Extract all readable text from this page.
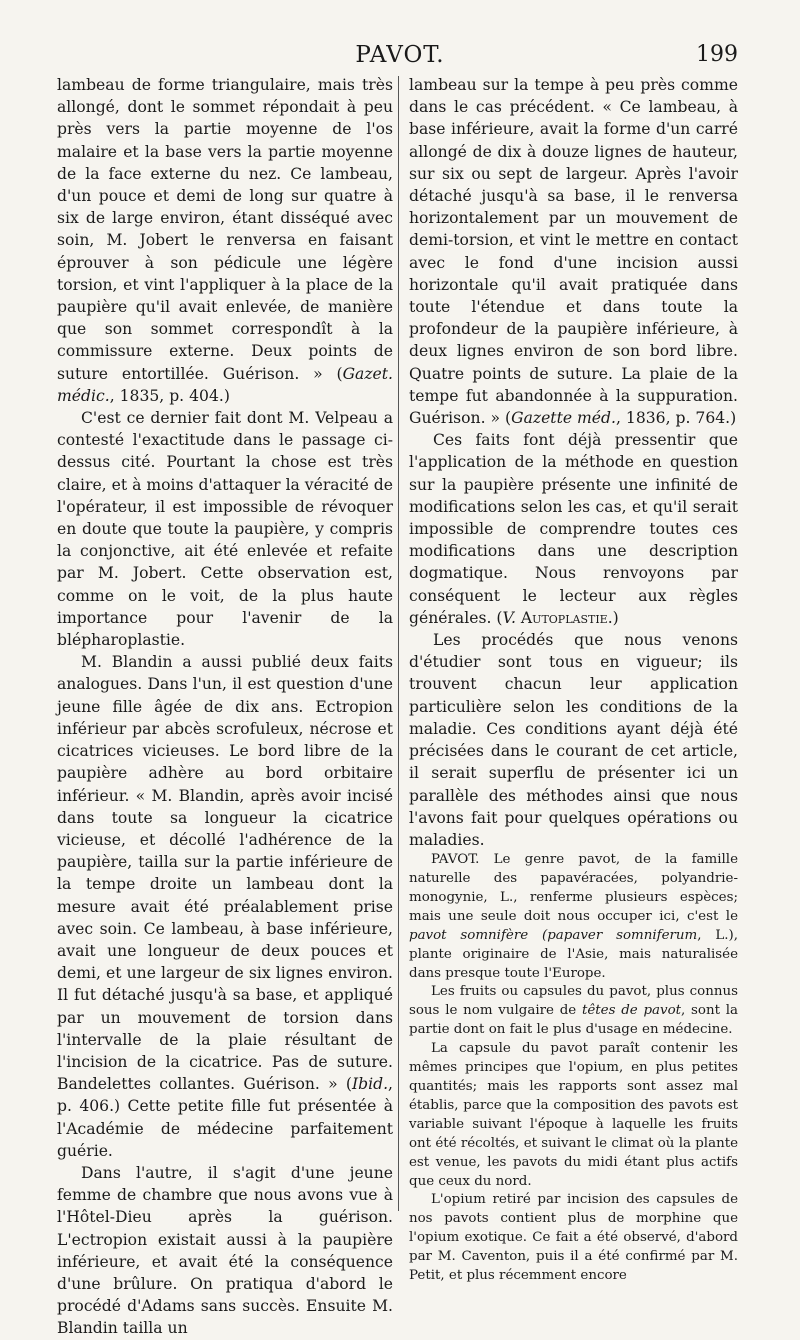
PAVOT.	199

lambeau de forme triangulaire, mais très allongé, dont le sommet répondait à peu près vers la partie moyenne de l'os malaire et la base vers la partie moyenne de la face externe du nez. Ce lambeau, d'un pouce et demi de long sur quatre à six de large environ, étant disséqué avec soin, M. Jobert le renversa en faisant éprouver à son pédicule une légère torsion, et vint l'appliquer à la place de la paupière qu'il avait enlevée, de manière que son sommet correspondît à la commissure externe. Deux points de suture entortillée. Guérison. » (Gazet. médic., 1835, p. 404.)

C'est ce dernier fait dont M. Velpeau a contesté l'exactitude dans le passage ci-dessus cité. Pourtant la chose est très claire, et à moins d'attaquer la véracité de l'opérateur, il est impossible de révoquer en doute que toute la paupière, y compris la conjonctive, ait été enlevée et refaite par M. Jobert. Cette observation est, comme on le voit, de la plus haute importance pour l'avenir de la blépharoplastie.

M. Blandin a aussi publié deux faits analogues. Dans l'un, il est question d'une jeune fille âgée de dix ans. Ectropion inférieur par abcès scrofuleux, nécrose et cicatrices vicieuses. Le bord libre de la paupière adhère au bord orbitaire inférieur. « M. Blandin, après avoir incisé dans toute sa longueur la cicatrice vicieuse, et décollé l'adhérence de la paupière, tailla sur la partie inférieure de la tempe droite un lambeau dont la mesure avait été préalablement prise avec soin. Ce lambeau, à base inférieure, avait une longueur de deux pouces et demi, et une largeur de six lignes environ. Il fut détaché jusqu'à sa base, et appliqué par un mouvement de torsion dans l'intervalle de la plaie résultant de l'incision de la cicatrice. Pas de suture. Bandelettes collantes. Guérison. » (Ibid., p. 406.) Cette petite fille fut présentée à l'Académie de médecine parfaitement guérie.

Dans l'autre, il s'agit d'une jeune femme de chambre que nous avons vue à l'Hôtel-Dieu après la guérison. L'ectropion existait aussi à la paupière inférieure, et avait été la conséquence d'une brûlure. On pratiqua d'abord le procédé d'Adams sans succès. Ensuite M. Blandin tailla un

lambeau sur la tempe à peu près comme dans le cas précédent. « Ce lambeau, à base inférieure, avait la forme d'un carré allongé de dix à douze lignes de hauteur, sur six ou sept de largeur. Après l'avoir détaché jusqu'à sa base, il le renversa horizontalement par un mouvement de demi-torsion, et vint le mettre en contact avec le fond d'une incision aussi horizontale qu'il avait pratiquée dans toute l'étendue et dans toute la profondeur de la paupière inférieure, à deux lignes environ de son bord libre. Quatre points de suture. La plaie de la tempe fut abandonnée à la suppuration. Guérison. » (Gazette méd., 1836, p. 764.)

Ces faits font déjà pressentir que l'application de la méthode en question sur la paupière présente une infinité de modifications selon les cas, et qu'il serait impossible de comprendre toutes ces modifications dans une description dogmatique. Nous renvoyons par conséquent le lecteur aux règles générales. (V. Autoplastie.)

Les procédés que nous venons d'étudier sont tous en vigueur; ils trouvent chacun leur application particulière selon les conditions de la maladie. Ces conditions ayant déjà été précisées dans le courant de cet article, il serait superflu de présenter ici un parallèle des méthodes ainsi que nous l'avons fait pour quelques opérations ou maladies.

PAVOT. Le genre pavot, de la famille naturelle des papavéracées, polyandrie-monogynie, L., renferme plusieurs espèces; mais une seule doit nous occuper ici, c'est le pavot somnifère (papaver somniferum, L.), plante originaire de l'Asie, mais naturalisée dans presque toute l'Europe.

Les fruits ou capsules du pavot, plus connus sous le nom vulgaire de têtes de pavot, sont la partie dont on fait le plus d'usage en médecine.

La capsule du pavot paraît contenir les mêmes principes que l'opium, en plus petites quantités; mais les rapports sont assez mal établis, parce que la composition des pavots est variable suivant l'époque à laquelle les fruits ont été récoltés, et suivant le climat où la plante est venue, les pavots du midi étant plus actifs que ceux du nord.

L'opium retiré par incision des capsules de nos pavots contient plus de morphine que l'opium exotique. Ce fait a été observé, d'abord par M. Caventon, puis il a été confirmé par M. Petit, et plus récemment encore
